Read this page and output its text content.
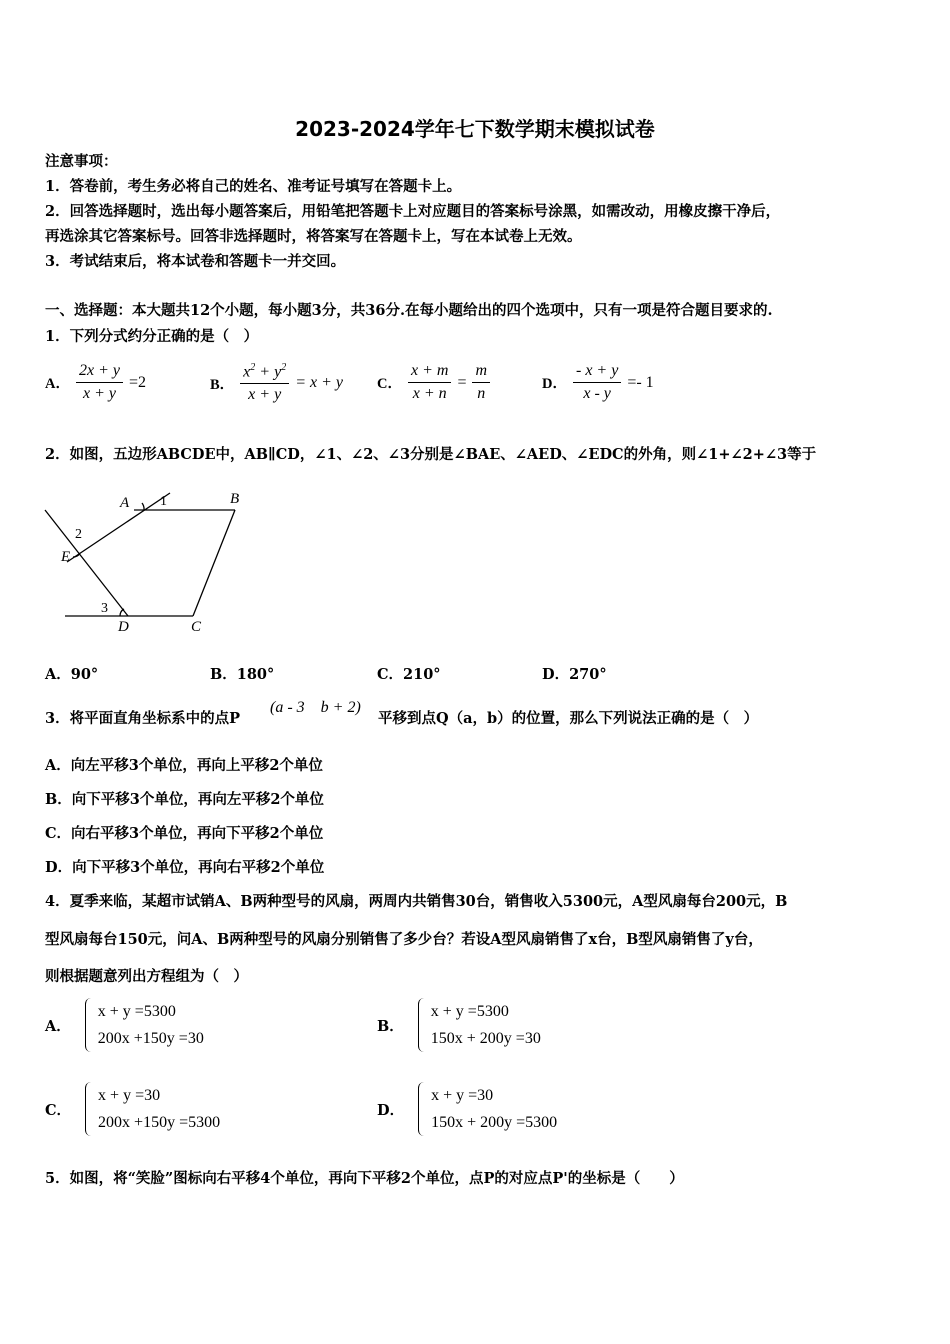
2023-2024学年七下数学期末模拟试卷
注意事项：
1．答卷前，考生务必将自己的姓名、准考证号填写在答题卡上。
2．回答选择题时，选出每小题答案后，用铅笔把答题卡上对应题目的答案标号涂黑，如需改动，用橡皮擦干净后，
再选涂其它答案标号。回答非选择题时，将答案写在答题卡上，写在本试卷上无效。
3．考试结束后，将本试卷和答题卡一并交回。
一、选择题：本大题共12个小题，每小题3分，共36分.在每小题给出的四个选项中，只有一项是符合题目要求的.
1．下列分式约分正确的是（　）
A． $\frac{2x + y}{x + y} =2$	B． $\frac{x^2 + y^2}{x + y} = x + y$ C． $\frac{x + m}{x + n} = \frac{m}{n}$	D． $\frac{- x + y}{x - y} =- 1$
2．如图，五边形ABCDE中，AB∥CD，∠1、∠2、∠3分别是∠BAE、∠AED、∠EDC的外角，则∠1+∠2+∠3等于
A 1	B
2
E
3
D	C
A．90°	B．180°	C．210°	D．270°
3．将平面直角坐标系中的点P
(a - 3　b + 2)
平移到点Q（a，b）的位置，那么下列说法正确的是（　）
A．向左平移3个单位，再向上平移2个单位
B．向下平移3个单位，再向左平移2个单位
C．向右平移3个单位，再向下平移2个单位
D．向下平移3个单位，再向右平移2个单位
4．夏季来临，某超市试销A、B两种型号的风扇，两周内共销售30台，销售收入5300元，A型风扇每台200元，B
型风扇每台150元，问A、B两种型号的风扇分别销售了多少台？若设A型风扇销售了x台，B型风扇销售了y台，
则根据题意列出方程组为（　）
A．
x + y =5300
200x +150y =30
B．
x + y =5300
150x + 200y =30
C．
x + y =30
200x +150y =5300
D．
x + y =30
150x + 200y =5300
5．如图，将“笑脸”图标向右平移4个单位，再向下平移2个单位，点P的对应点P'的坐标是（　　）
